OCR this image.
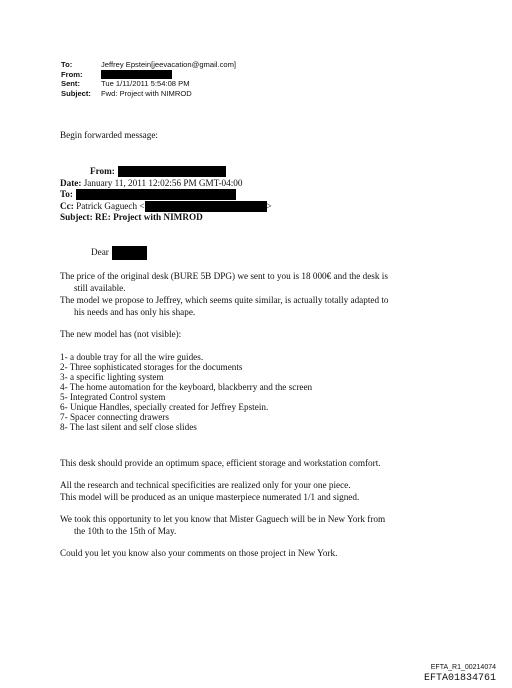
To:	Jeffrey Epstein[jeevacation@gmail.com]
From:
Sent:	Tue 1/11/2011 5:54:08 PM
Subject:	Fwd: Project with NIMROD
Begin forwarded message:
From:
Date: January 11, 2011 12:02:56 PM GMT-04:00
To:
Cc: Patrick Gaguech <	>
Subject: RE: Project with NIMROD
Dear
The price of the original desk (BURE 5B DPG) we sent to you is 18 000€ and the desk is
still available.
The model we propose to Jeffrey, which seems quite similar, is actually totally adapted to
his needs and has only his shape.
The new model has (not visible):
1- a double tray for all the wire guides.
2- Three sophisticated storages for the documents
3- a specific lighting system
4- The home automation for the keyboard, blackberry and the screen
5- Integrated Control system
6- Unique Handles, specially created for Jeffrey Epstein.
7- Spacer connecting drawers
8- The last silent and self close slides
This desk should provide an optimum space, efficient storage and workstation comfort.
All the research and technical specificities are realized only for your one piece.
This model will be produced as an unique masterpiece numerated 1/1 and signed.
We took this opportunity to let you know that Mister Gaguech will be in New York from
the 10th to the 15th of May.
Could you let you know also your comments on those project in New York.
EFTA_R1_00214074
EFTA01834761
